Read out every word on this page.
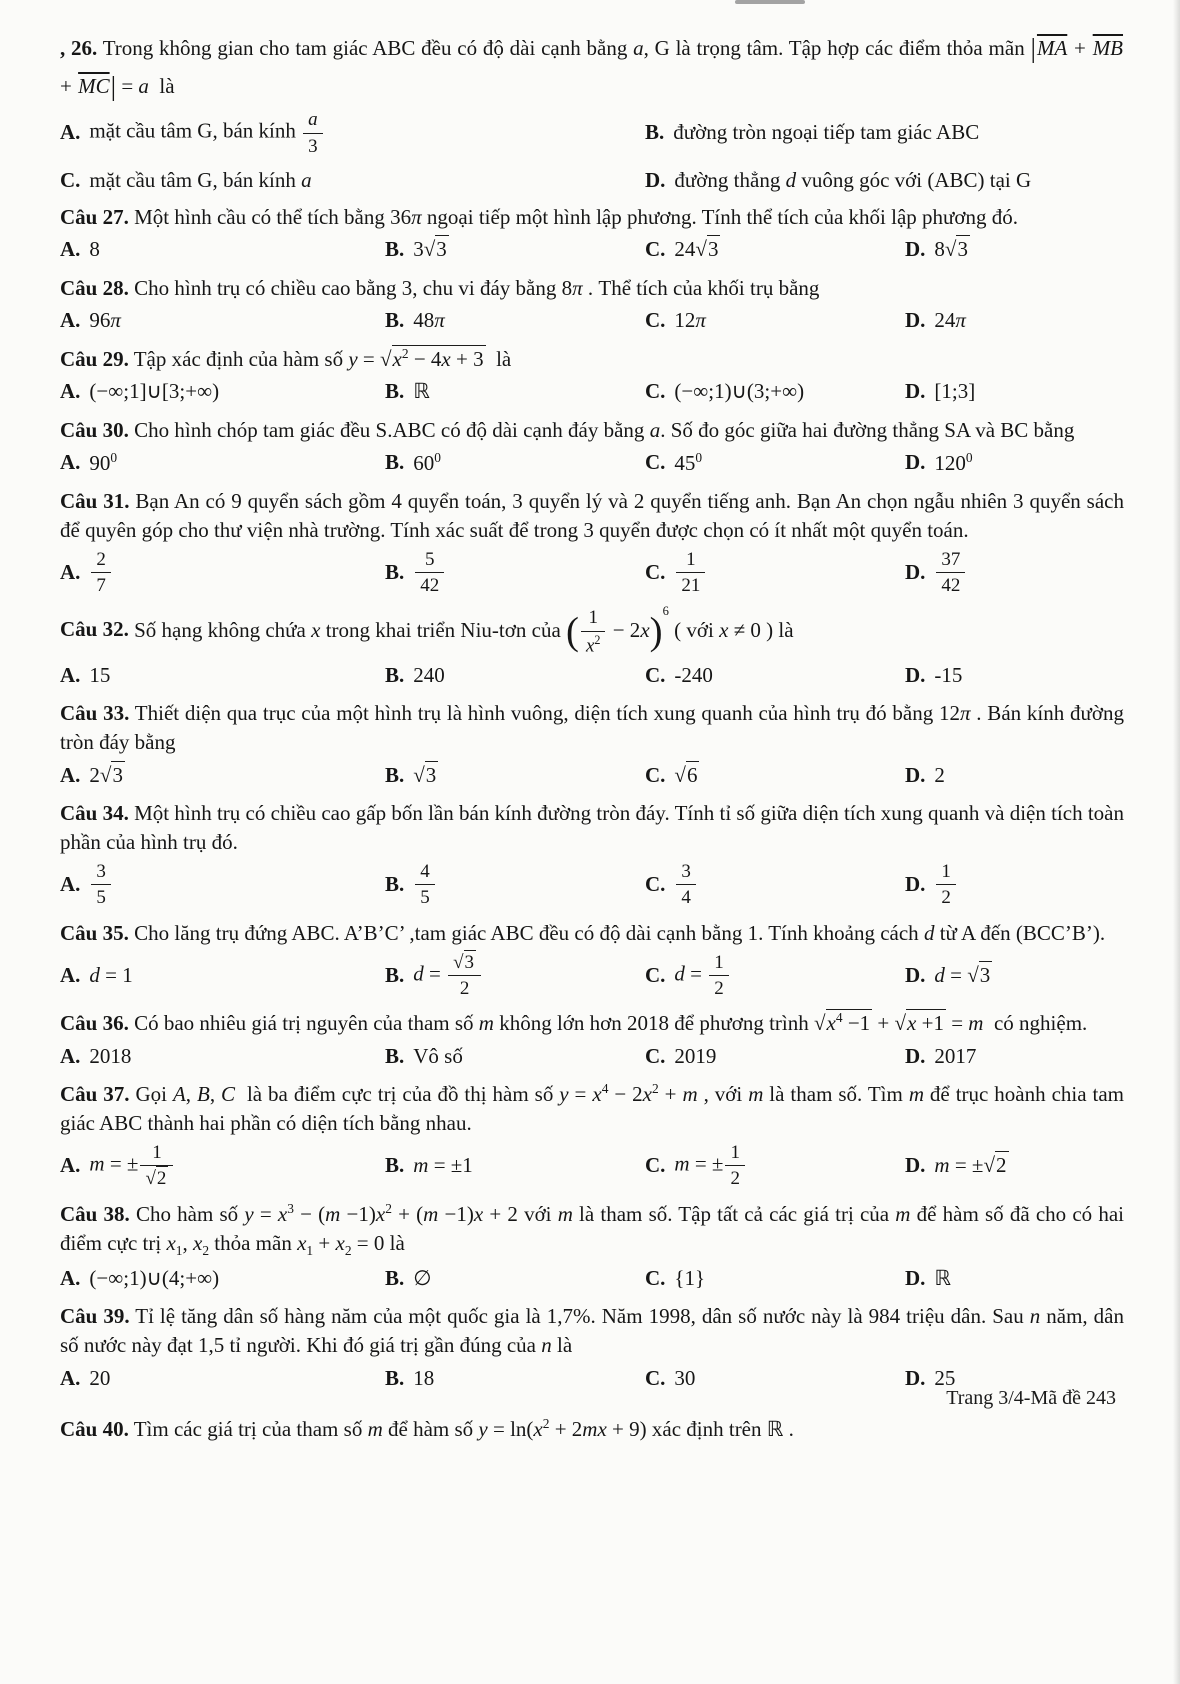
, 26. Trong không gian cho tam giác ABC đều có độ dài cạnh bằng a, G là trọng tâm. Tập hợp các điểm thỏa mãn $|\overline{MA} + \overline{MB} + \overline{MC}| = a$  là

A. mặt cầu tâm G, bán kính $\frac{a}{3}$	B. đường tròn ngoại tiếp tam giác ABC
C. mặt cầu tâm G, bán kính a	D. đường thẳng d vuông góc với (ABC) tại G

Câu 27. Một hình cầu có thể tích bằng 36π ngoại tiếp một hình lập phương. Tính thể tích của khối lập phương đó.

A. 8	B. 3√3	C. 24√3	D. 8√3

Câu 28. Cho hình trụ có chiều cao bằng 3, chu vi đáy bằng 8π . Thể tích của khối trụ bằng

A. 96π	B. 48π	C. 12π	D. 24π

Câu 29. Tập xác định của hàm số $y = √x^2 - 4x + 3$  là

A. (−∞;1]∪[3;+∞)	B. ℝ	C. (−∞;1)∪(3;+∞)	D. [1;3]

Câu 30. Cho hình chóp tam giác đều S.ABC có độ dài cạnh đáy bằng a. Số đo góc giữa hai đường thẳng SA và BC bằng

A. $90^0$	B. $60^0$	C. $45^0$	D. $120^0$

Câu 31. Bạn An có 9 quyển sách gồm 4 quyển toán, 3 quyển lý và 2 quyển tiếng anh. Bạn An chọn ngẫu nhiên 3 quyển sách để quyên góp cho thư viện nhà trường. Tính xác suất để trong 3 quyển được chọn có ít nhất một quyển toán.

A. $\frac{2}{7}$	B. $\frac{5}{42}$	C. $\frac{1}{21}$	D. $\frac{37}{42}$

Câu 32. Số hạng không chứa x trong khai triển Niu-tơn của ( $\frac{1}{x^2} - 2x)^6$ ( với x ≠ 0 ) là

A. 15	B. 240	C. -240	D. -15

Câu 33. Thiết diện qua trục của một hình trụ là hình vuông, diện tích xung quanh của hình trụ đó bằng 12π . Bán kính đường tròn đáy bằng

A. 2√3	B. √3	C. √6	D. 2

Câu 34. Một hình trụ có chiều cao gấp bốn lần bán kính đường tròn đáy. Tính tỉ số giữa diện tích xung quanh và diện tích toàn phần của hình trụ đó.

A. $\frac{3}{5}$	B. $\frac{4}{5}$	C. $\frac{3}{4}$	D. $\frac{1}{2}$

Câu 35. Cho lăng trụ đứng ABC. A’B’C’ ,tam giác ABC đều có độ dài cạnh bằng 1. Tính khoảng cách d từ A đến (BCC’B’).

A. d = 1	B. $d = \frac{√3}{2}$	C. $d = \frac{1}{2}$	D. d = √3

Câu 36. Có bao nhiêu giá trị nguyên của tham số m không lớn hơn 2018 để phương trình $√x^4 -1 + √x +1 = m$  có nghiệm.

A. 2018	B. Vô số	C. 2019	D. 2017

Câu 37. Gọi A, B, C  là ba điểm cực trị của đồ thị hàm số $y = x^4 - 2x^2 + m$ , với m là tham số. Tìm m để trục hoành chia tam giác ABC thành hai phần có diện tích bằng nhau.

A. m = ± $\frac{1}{√2}$	B. m = ±1	C. m = ± $\frac{1}{2}$	D. m = ±√2

Câu 38. Cho hàm số $y = x^3 - (m -1)x^2 + (m -1)x + 2$ với m là tham số. Tập tất cả các giá trị của m để hàm số đã cho có hai điểm cực trị $x_1$, $x_2$ thỏa mãn $x_1 + x_2 = 0$ là

A. (−∞;1)∪(4;+∞)	B. ∅	C. {1}	D. ℝ

Câu 39. Tỉ lệ tăng dân số hàng năm của một quốc gia là 1,7%. Năm 1998, dân số nước này là 984 triệu dân. Sau n năm, dân số nước này đạt 1,5 tỉ người. Khi đó giá trị gần đúng của n là

A. 20	B. 18	C. 30	D. 25

Câu 40. Tìm các giá trị của tham số m để hàm số $y = \ln(x^2 + 2mx + 9)$ xác định trên ℝ .

Trang 3/4-Mã đề 243
